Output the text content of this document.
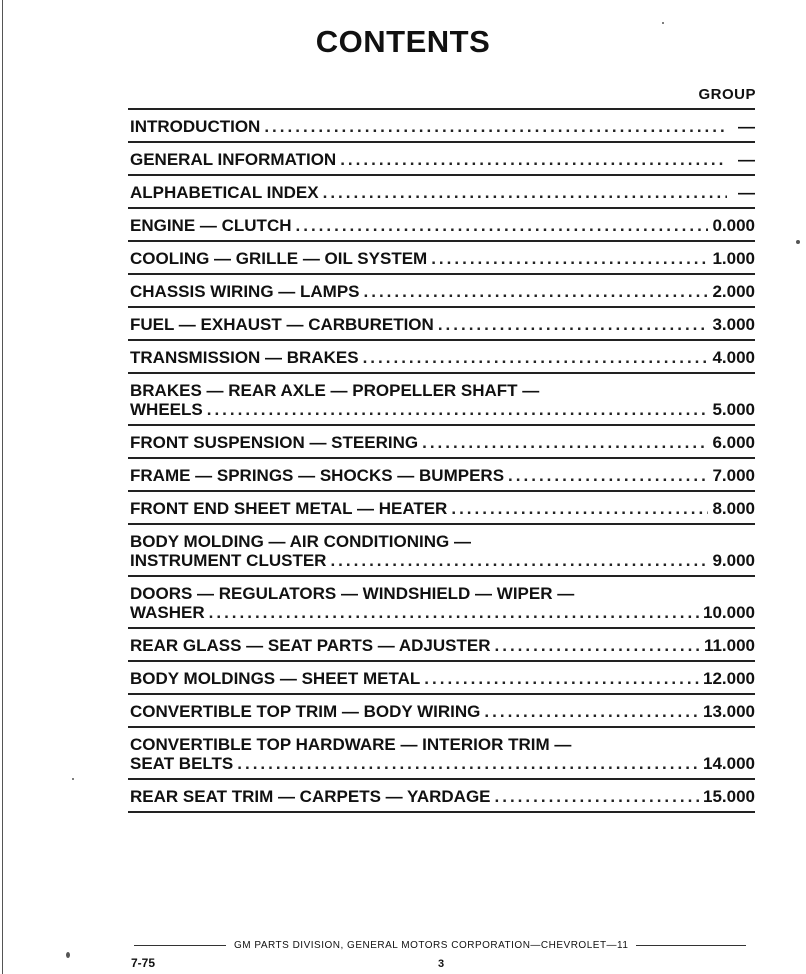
CONTENTS
GROUP
INTRODUCTION .....	—
GENERAL INFORMATION .....	—
ALPHABETICAL INDEX .....	—
ENGINE — CLUTCH .....	0.000
COOLING — GRILLE — OIL SYSTEM .....	1.000
CHASSIS WIRING — LAMPS .....	2.000
FUEL — EXHAUST — CARBURETION .....	3.000
TRANSMISSION — BRAKES .....	4.000
BRAKES — REAR AXLE — PROPELLER SHAFT —
WHEELS .....	5.000
FRONT SUSPENSION — STEERING .....	6.000
FRAME — SPRINGS — SHOCKS — BUMPERS .....	7.000
FRONT END SHEET METAL — HEATER .....	8.000
BODY MOLDING — AIR CONDITIONING —
INSTRUMENT CLUSTER .....	9.000
DOORS — REGULATORS — WINDSHIELD — WIPER —
WASHER .....	10.000
REAR GLASS — SEAT PARTS — ADJUSTER .....	11.000
BODY MOLDINGS — SHEET METAL .....	12.000
CONVERTIBLE TOP TRIM — BODY WIRING .....	13.000
CONVERTIBLE TOP HARDWARE — INTERIOR TRIM —
SEAT BELTS .....	14.000
REAR SEAT TRIM — CARPETS — YARDAGE .....	15.000
GM PARTS DIVISION, GENERAL MOTORS CORPORATION—CHEVROLET—11
7-75	3
